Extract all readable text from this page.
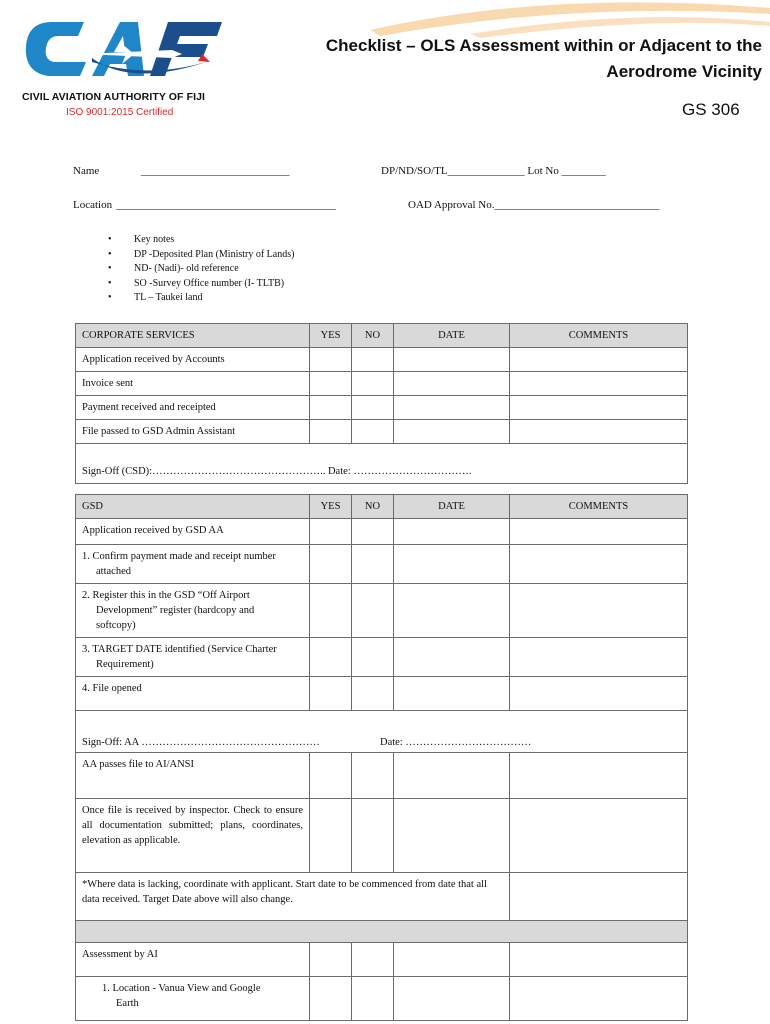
CIVIL AVIATION AUTHORITY OF FIJI
ISO 9001:2015 Certified
Checklist – OLS Assessment within or Adjacent to the
Aerodrome Vicinity
GS 306
Name	___________________________	DP/ND/SO/TL______________ Lot No ________
Location ________________________________________	OAD Approval No.______________________________
• Key notes
• DP -Deposited Plan (Ministry of Lands)
• ND- (Nadi)- old reference
• SO -Survey Office number (I- TLTB)
• TL – Taukei land
CORPORATE SERVICES	YES	NO	DATE	COMMENTS
Application received by Accounts				
Invoice sent				
Payment received and receipted				
File passed to GSD Admin Assistant				
Sign-Off (CSD):………………………………………….. Date: …………………………….				
GSD	YES	NO	DATE	COMMENTS
Application received by GSD AA				
1. Confirm payment made and receipt number
attached				

2. Register this in the GSD “Off Airport
Development” register (hardcopy and
softcopy)				

3. TARGET DATE identified (Service Charter
Requirement)				

4. File opened				
Sign-Off: AA …………………………………………… Date: ………………………………				

AA passes file to AI/ANSI				
Once file is received by inspector. Check to ensure all documentation submitted; plans, coordinates, elevation as applicable.				
*Where data is lacking, coordinate with applicant. Start date to be commenced from date that all data received. Target Date above will also change.				

Assessment by AI				
1. Location - Vanua View and Google
Earth				
